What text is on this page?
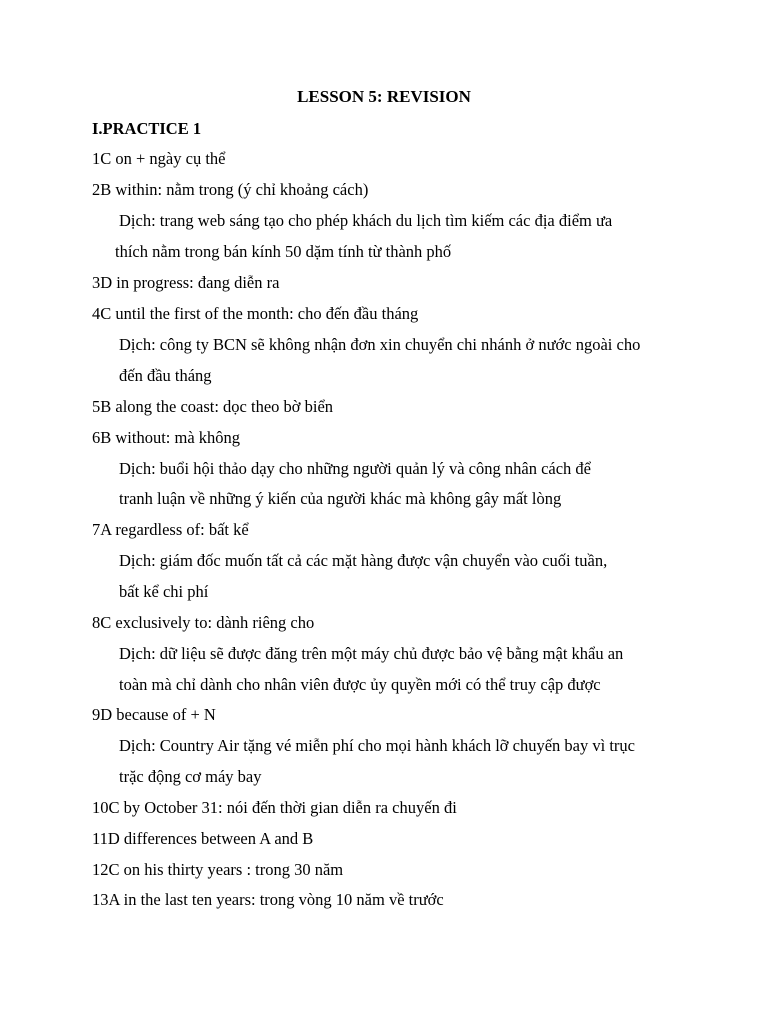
LESSON 5: REVISION
I.PRACTICE 1
1C on + ngày cụ thể
2B within: nằm trong (ý chỉ khoảng cách)
Dịch: trang web sáng tạo cho phép khách du lịch tìm kiếm các địa điểm ưa
thích nằm trong bán kính 50 dặm tính từ thành phố
3D in progress: đang diễn ra
4C until the first of the month: cho đến đầu tháng
Dịch: công ty BCN sẽ không nhận đơn xin chuyển chi nhánh ở nước ngoài cho
đến đầu tháng
5B along the coast: dọc theo bờ biển
6B without: mà không
Dịch: buổi hội thảo dạy cho những người quản lý và công nhân cách để
tranh luận về những ý kiến của người khác mà không gây mất lòng
7A regardless of: bất kể
Dịch: giám đốc muốn tất cả các mặt hàng được vận chuyển vào cuối tuần,
bất kể chi phí
8C exclusively to: dành riêng cho
Dịch: dữ liệu sẽ được đăng trên một máy chủ được bảo vệ bằng mật khẩu an
toàn mà chỉ dành cho nhân viên được ủy quyền mới có thể truy cập được
9D because of + N
Dịch: Country Air tặng vé miễn phí cho mọi hành khách lỡ chuyến bay vì trục
trặc động cơ máy bay
10C by October 31: nói đến thời gian diễn ra chuyến đi
11D differences between A and B
12C on his thirty years : trong 30 năm
13A in the last ten years: trong vòng 10 năm về trước
